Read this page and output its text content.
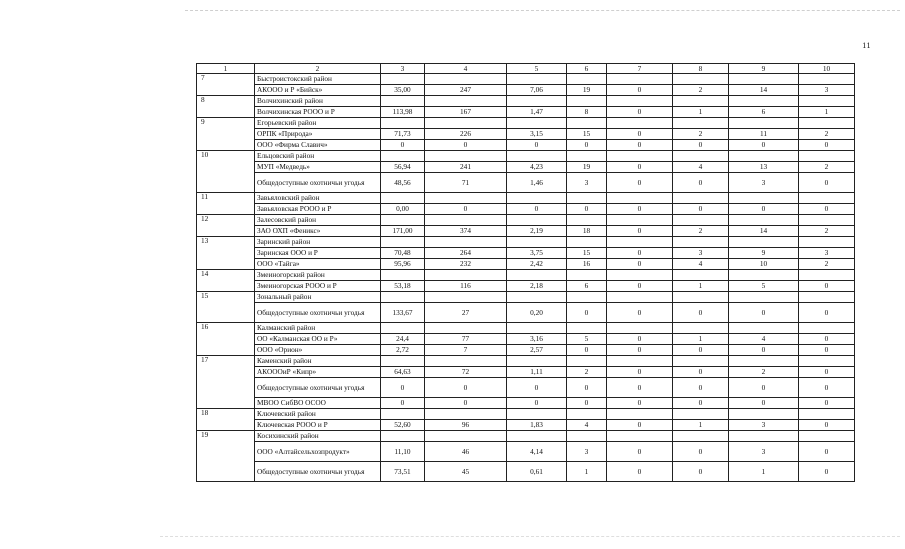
11
1	2	3	4	5	6	7	8	9	10
7	Быстроистокский район								
	АКООО и Р «Бийск»	35,00	247	7,06	19	0	2	14	3
8	Волчихинский район								
	Волчихинская РООО и Р	113,98	167	1,47	8	0	1	6	1
9	Егорьевский район								
	ОРПК «Природа»	71,73	226	3,15	15	0	2	11	2
	ООО «Фирма Славич»	0	0	0	0	0	0	0	0
10	Ельцовский район								
	МУП «Медведь»	56,94	241	4,23	19	0	4	13	2
	Общедоступные охотничьи угодья	48,56	71	1,46	3	0	0	3	0
11	Завьяловский район								
	Завьяловская РООО и Р	0,00	0	0	0	0	0	0	0
12	Залесовский район								
	ЗАО ОХП «Феникс»	171,00	374	2,19	18	0	2	14	2
13	Заринский район								
	Заринская ООО и Р	70,48	264	3,75	15	0	3	9	3
	ООО «Тайга»	95,96	232	2,42	16	0	4	10	2
14	Змеиногорский район								
	Змеиногорская РООО и Р	53,18	116	2,18	6	0	1	5	0
15	Зональный район								
	Общедоступные охотничьи угодья	133,67	27	0,20	0	0	0	0	0
16	Калманский район								
	ОО «Калманская ОО и Р»	24,4	77	3,16	5	0	1	4	0
	ООО «Орион»	2,72	7	2,57	0	0	0	0	0
17	Каменский район								
	АКОООиР «Кипр»	64,63	72	1,11	2	0	0	2	0
	Общедоступные охотничьи угодья	0	0	0	0	0	0	0	0
	МВОО СибВО ОСОО	0	0	0	0	0	0	0	0
18	Ключевский район								
	Ключевская РООО и Р	52,60	96	1,83	4	0	1	3	0
19	Косихинский район								
	ООО «Алтайсельхозпродукт»	11,10	46	4,14	3	0	0	3	0
	Общедоступные охотничьи угодья	73,51	45	0,61	1	0	0	1	0
